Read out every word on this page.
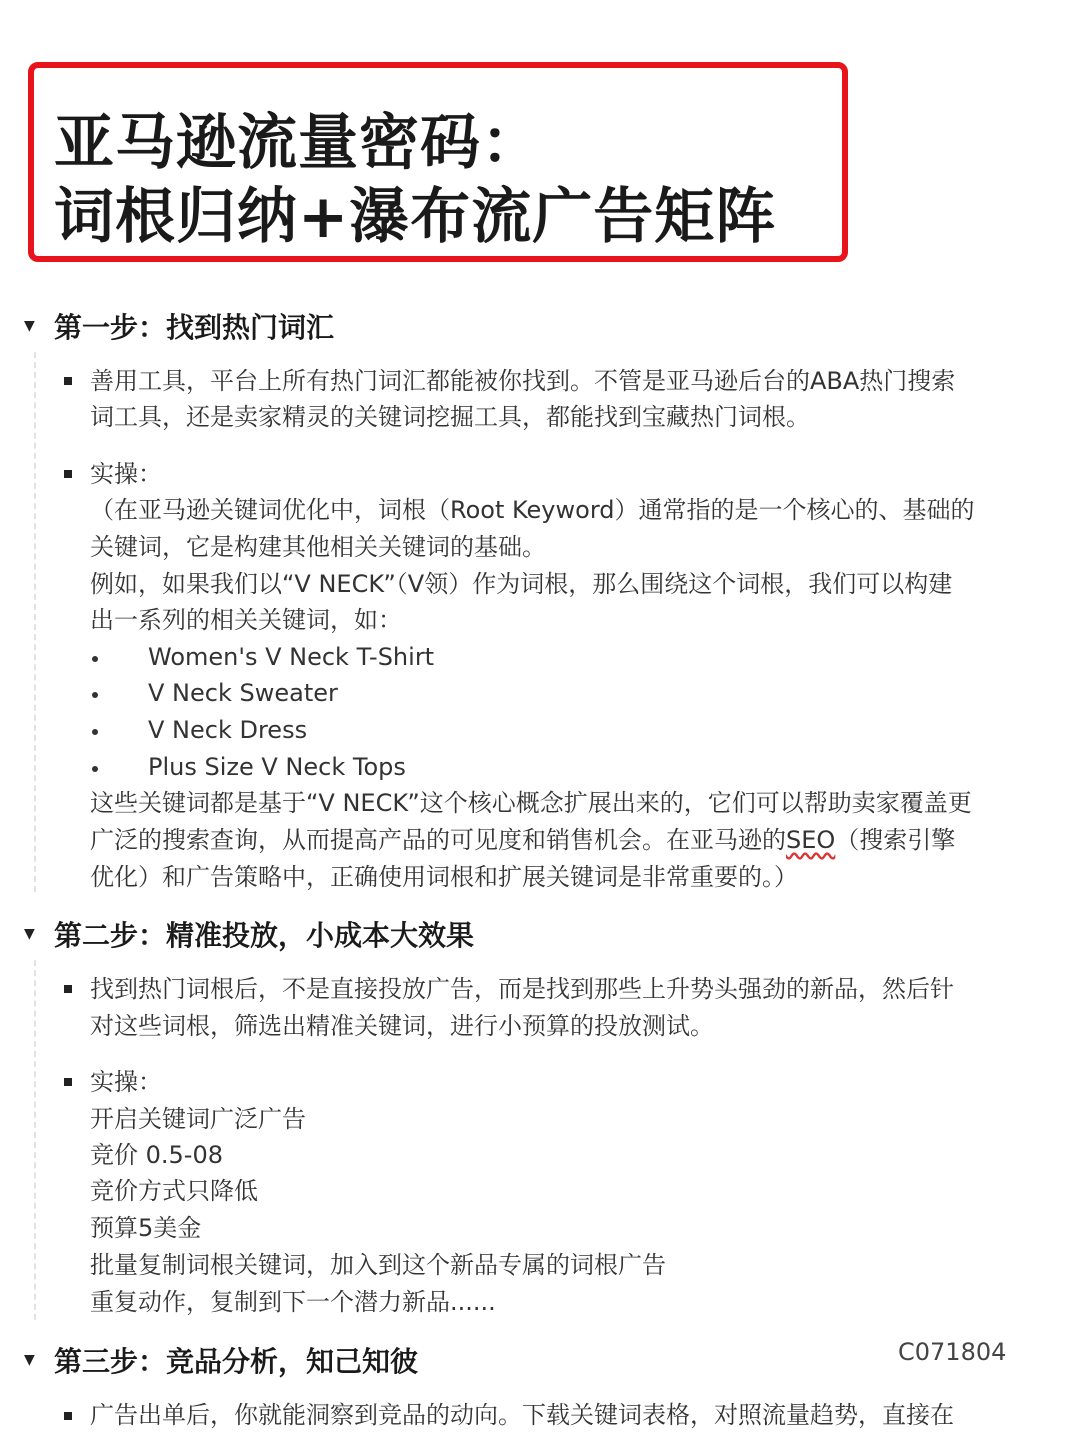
亚马逊流量密码：
词根归纳+瀑布流广告矩阵
▼ 第一步：找到热门词汇
善用工具，平台上所有热门词汇都能被你找到。不管是亚马逊后台的ABA热门搜索
词工具，还是卖家精灵的关键词挖掘工具，都能找到宝藏热门词根。
实操：
（在亚马逊关键词优化中，词根（Root Keyword）通常指的是一个核心的、基础的
关键词，它是构建其他相关关键词的基础。
例如，如果我们以“V NECK”（V领）作为词根，那么围绕这个词根，我们可以构建
出一系列的相关关键词，如：
Women's V Neck T-Shirt
V Neck Sweater
V Neck Dress
Plus Size V Neck Tops
这些关键词都是基于“V NECK”这个核心概念扩展出来的，它们可以帮助卖家覆盖更
广泛的搜索查询，从而提高产品的可见度和销售机会。在亚马逊的SEO（搜索引擎
优化）和广告策略中，正确使用词根和扩展关键词是非常重要的。）
▼ 第二步：精准投放，小成本大效果
找到热门词根后，不是直接投放广告，而是找到那些上升势头强劲的新品，然后针
对这些词根，筛选出精准关键词，进行小预算的投放测试。
实操：
开启关键词广泛广告
竞价 0.5-08
竞价方式只降低
预算5美金
批量复制词根关键词，加入到这个新品专属的词根广告
重复动作，复制到下一个潜力新品......
▼ 第三步：竞品分析，知己知彼	C071804
广告出单后，你就能洞察到竞品的动向。下载关键词表格，对照流量趋势，直接在
